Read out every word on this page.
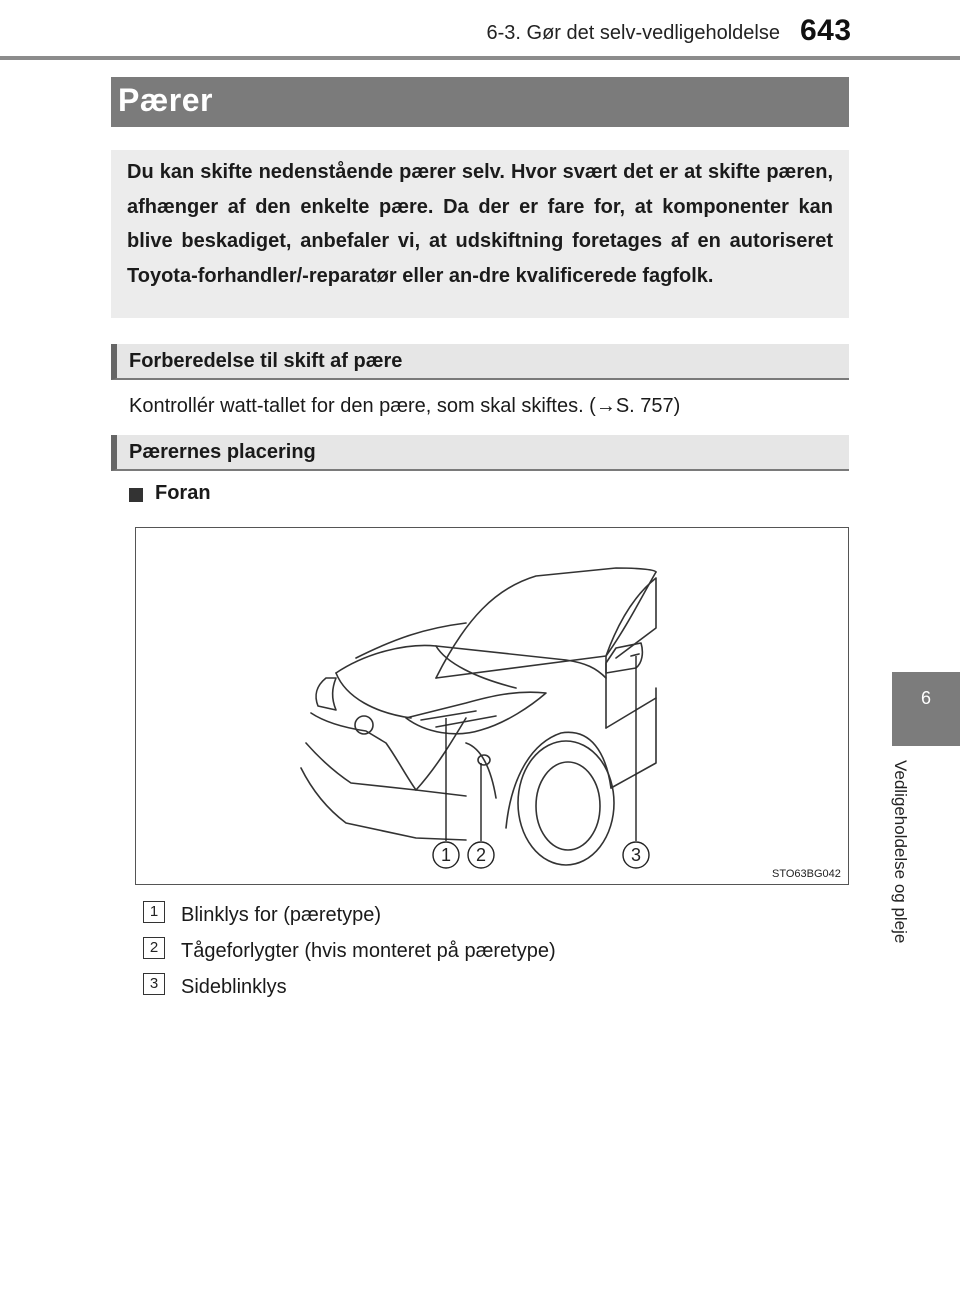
6-3. Gør det selv-vedligeholdelse 643
6
Vedligeholdelse og pleje
Pærer
Du kan skifte nedenstående pærer selv. Hvor svært det er at skifte pæren, afhænger af den enkelte pære. Da der er fare for, at komponenter kan blive beskadiget, anbefaler vi, at udskiftning foretages af en autoriseret Toyota-forhandler/-reparatør eller an-dre kvalificerede fagfolk.
Forberedelse til skift af pære
Kontrollér watt-tallet for den pære, som skal skiftes. (→S. 757)
Pærernes placering
Foran
1 2	3
STO63BG042
1	Blinklys for (pæretype)
2	Tågeforlygter (hvis monteret på pæretype)
3	Sideblinklys
